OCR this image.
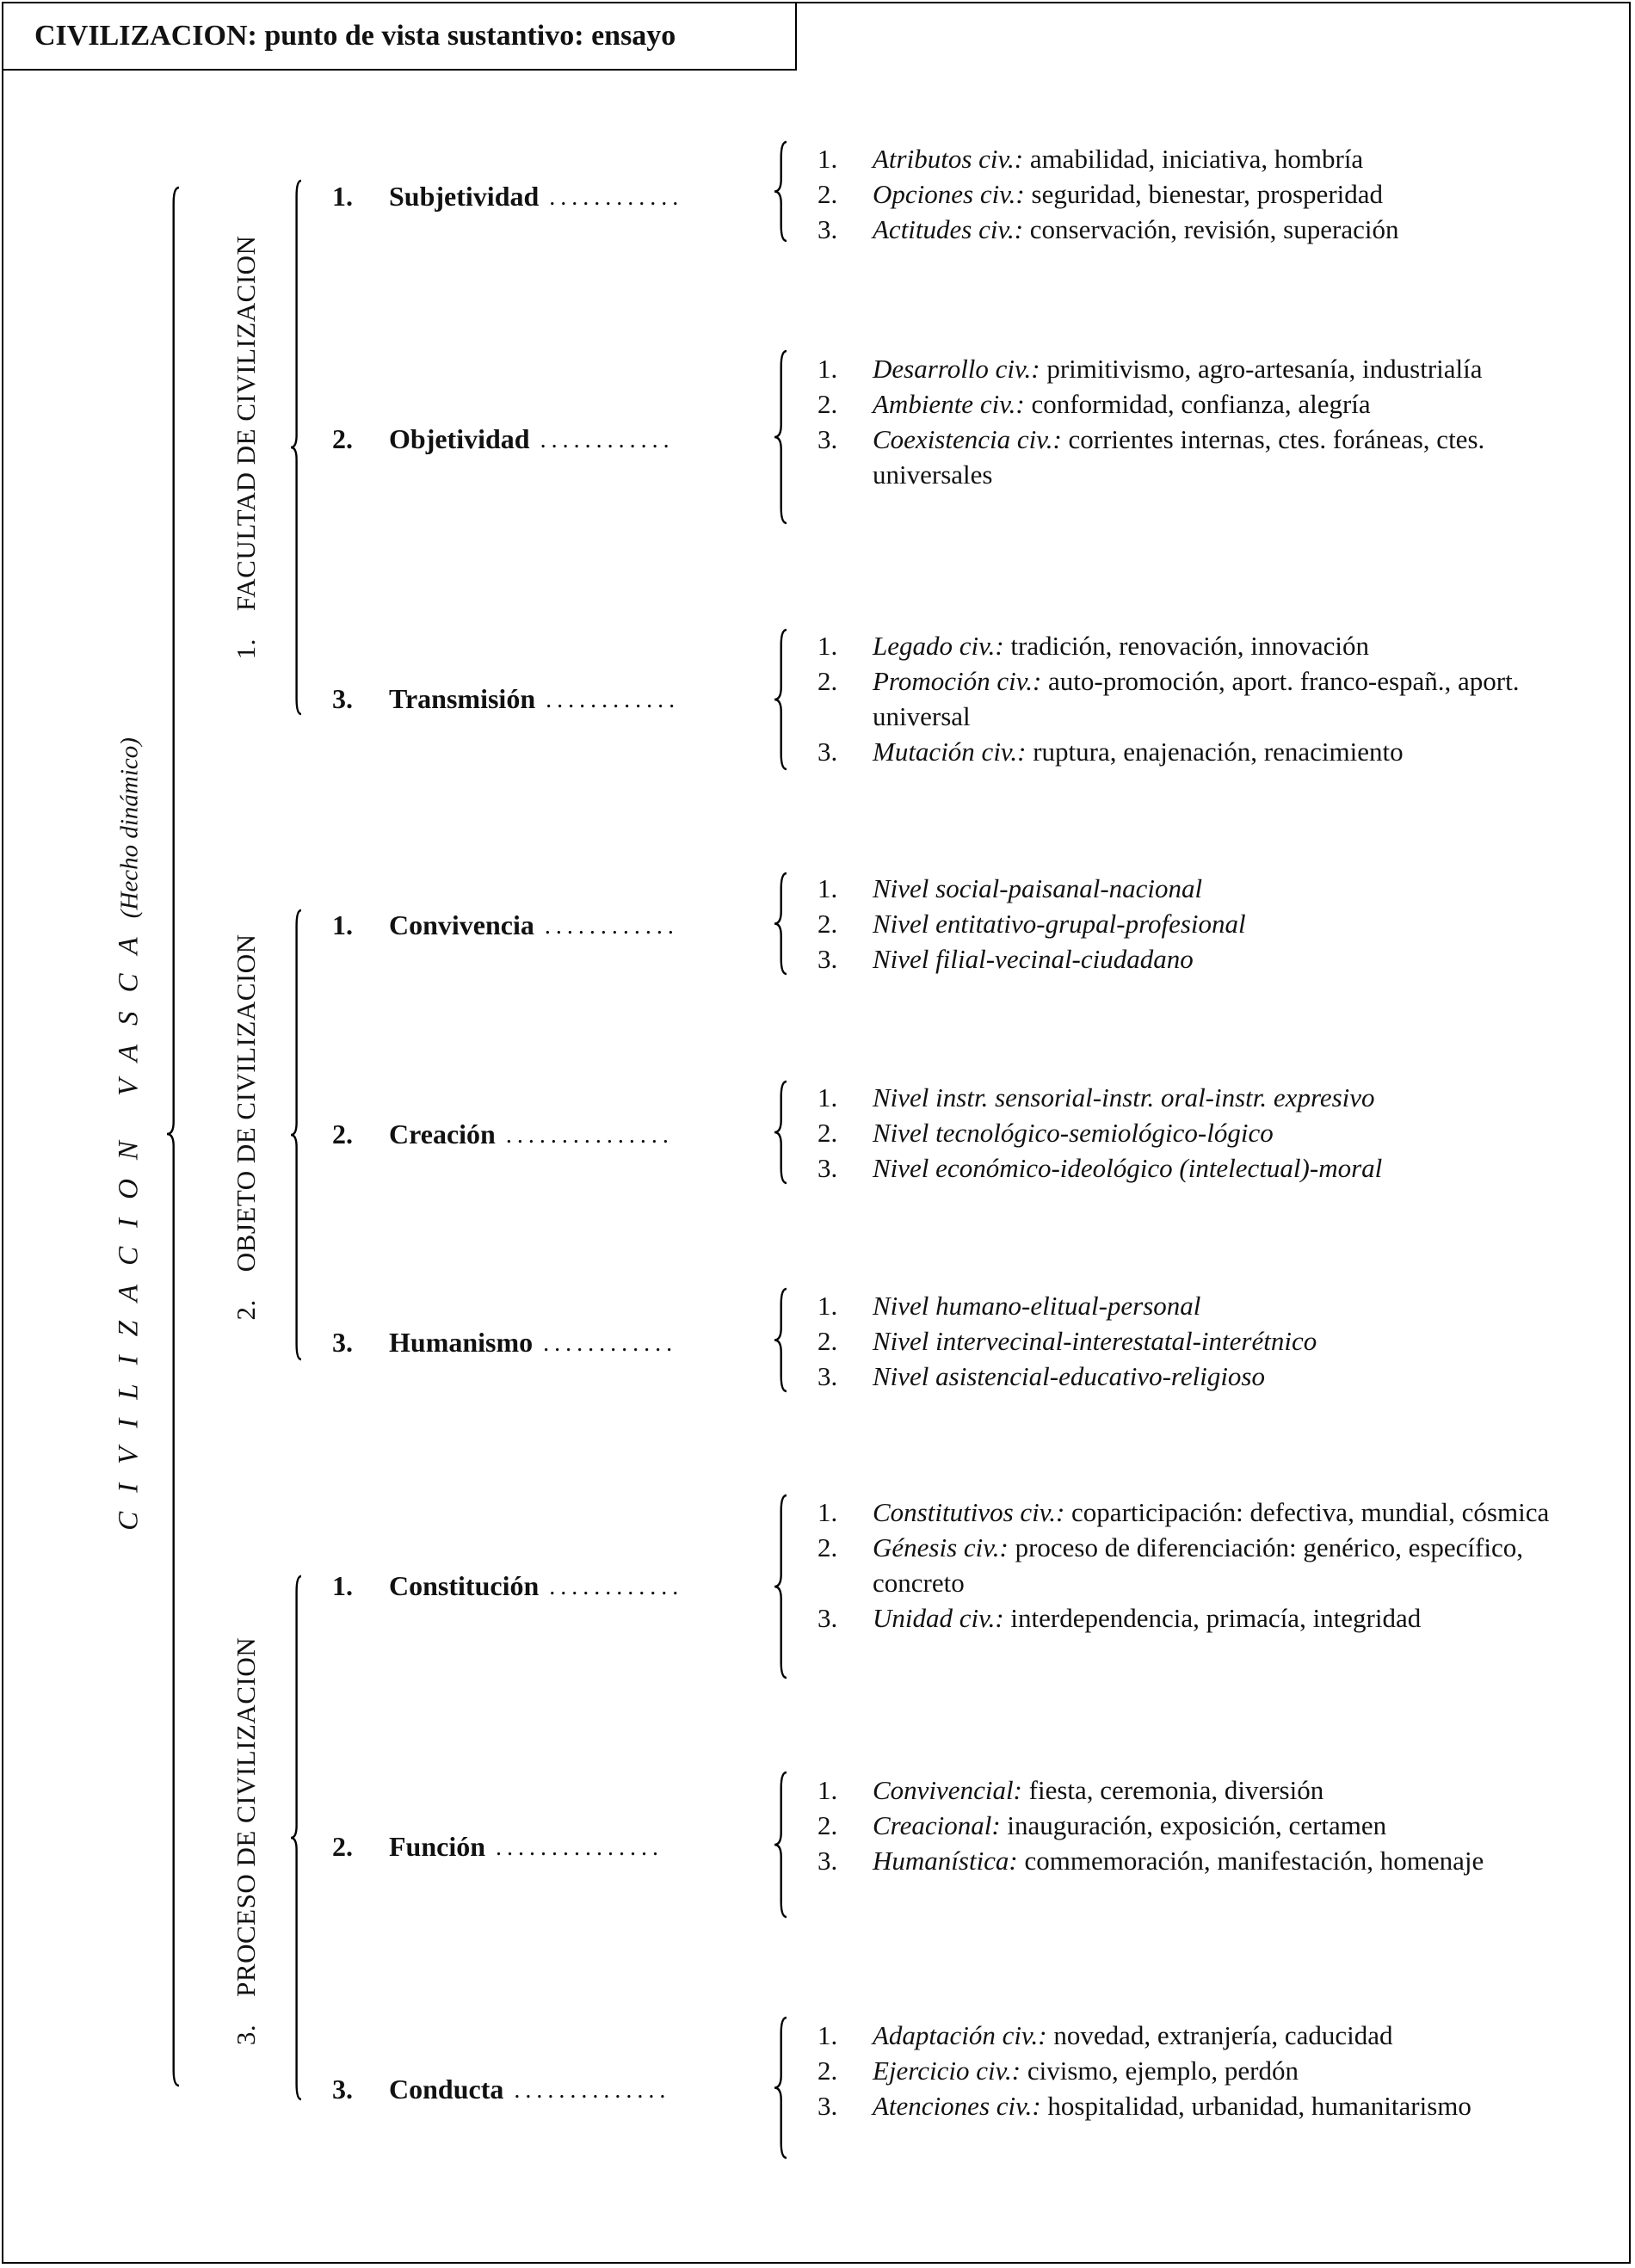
CIVILIZACION: punto de vista sustantivo: ensayo
CIVILIZACION VASCA(Hecho dinámico)
1.  FACULTAD DE CIVILIZACION
1. Subjetividad ............
1. Atributos civ.: amabilidad, iniciativa, hombría
2. Opciones civ.: seguridad, bienestar, prosperidad
3. Actitudes civ.: conservación, revisión, superación
2. Objetividad ............
1. Desarrollo civ.: primitivismo, agro-artesanía, industrialía
2. Ambiente civ.: conformidad, confianza, alegría
3. Coexistencia civ.: corrientes internas, ctes. foráneas, ctes. universales
3. Transmisión ............
1. Legado civ.: tradición, renovación, innovación
2. Promoción civ.: auto-promoción, aport. franco-españ., aport. universal
3. Mutación civ.: ruptura, enajenación, renacimiento
2.  OBJETO DE CIVILIZACION
1. Convivencia ............
1. Nivel social-paisanal-nacional
2. Nivel entitativo-grupal-profesional
3. Nivel filial-vecinal-ciudadano
2. Creación ...............
1. Nivel instr. sensorial-instr. oral-instr. expresivo
2. Nivel tecnológico-semiológico-lógico
3. Nivel económico-ideológico (intelectual)-moral
3. Humanismo ............
1. Nivel humano-elitual-personal
2. Nivel intervecinal-interestatal-interétnico
3. Nivel asistencial-educativo-religioso
3.  PROCESO DE CIVILIZACION
1. Constitución ............
1. Constitutivos civ.: coparticipación: defectiva, mundial, cósmica
2. Génesis civ.: proceso de diferenciación: genérico, específico, concreto
3. Unidad civ.: interdependencia, primacía, integridad
2. Función ...............
1. Convivencial: fiesta, ceremonia, diversión
2. Creacional: inauguración, exposición, certamen
3. Humanística: commemoración, manifestación, homenaje
3. Conducta ..............
1. Adaptación civ.: novedad, extranjería, caducidad
2. Ejercicio civ.: civismo, ejemplo, perdón
3. Atenciones civ.: hospitalidad, urbanidad, humanitarismo
